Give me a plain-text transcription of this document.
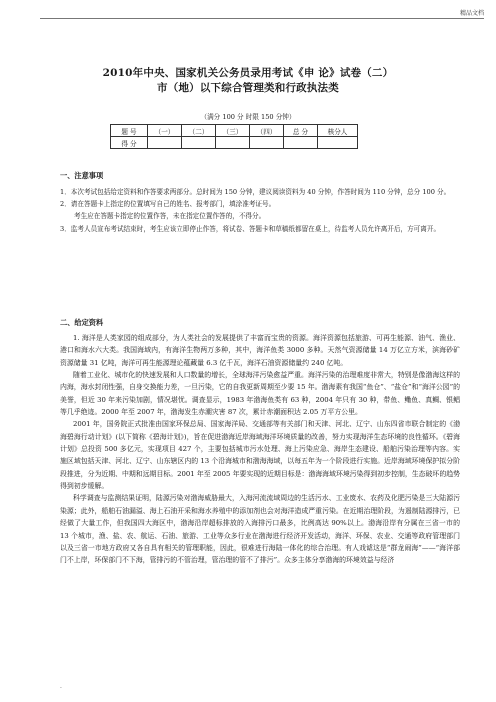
精品文档
2010年中央、国家机关公务员录用考试《申 论》试卷（二）
市（地）以下综合管理类和行政执法类
（满分 100 分 时限 150 分钟）
题 号	（一）	（二）	（三）	（四）	总 分	核分人
得 分						
一、注意事项
1．本次考试包括给定资料和作答要求两部分。总时间为 150 分钟，建议阅读资料为 40 分钟，作答时间为 110 分钟，总分 100 分。
2．请在答题卡上指定的位置填写自己的姓名、报考部门，填涂准考证号。
考生应在答题卡指定的位置作答，未在指定位置作答的，不得分。
3．监考人员宣布考试结束时，考生应该立即停止作答，将试卷、答题卡和草稿纸都留在桌上，待监考人员允许离开后，方可离开。
二、给定资料

1. 海洋是人类家园的组成部分，为人类社会的发展提供了丰富而宝贵的资源。海洋资源包括旅游、可再生能源、油气、渔业、港口和海水六大类。我国海域内，有海洋生物两万多种，其中，海洋鱼类 3000 多种。天然气资源储量 14 万亿立方米，滨海砂矿资源储量 31 亿吨，海洋可再生能源理论蕴藏量 6.3 亿千瓦，海洋石油资源储量约 240 亿吨。

随着工业化、城市化的快速发展和人口数量的增长，全球海洋污染愈益严重。海洋污染的治理难度非常大，特别是像渤海这样的内海，海水封闭性强，自身交换能力差，一旦污染，它的自我更新周期至少要 15 年。渤海素有我国“鱼仓”、“盐仓”和“海洋公园”的美誉，但近 30 年来污染加剧，情况堪忧。调查显示，1983 年渤海鱼类有 63 种，2004 年只有 30 种，带鱼、鳓鱼、真鲷、银鲳等几乎绝迹。2000 年至 2007 年，渤海发生赤潮灾害 87 次，累计赤潮面积达 2.05 万平方公里。

2001 年，国务院正式批准由国家环保总局、国家海洋局、交通部等有关部门和天津、河北、辽宁、山东四省市联合制定的《渤海碧海行动计划》(以下简称《碧海计划》)，旨在促进渤海近岸海域海洋环境质量的改善，努力实现海洋生态环境的良性循环。《碧海计划》总投资 500 多亿元，实现项目 427 个，主要包括城市污水处理、海上污染应急、海岸生态建设、船舶污染治理等内容。实施区域包括天津、河北、辽宁、山东辖区内的 13 个沿海城市和渤海海域，以每五年为一个阶段进行实施。近岸海域环境保护拟分阶段推进，分为近期、中期和远期目标。2001 年至 2005 年要实现的近期目标是：渤海海域环境污染得到初步控制，生态破坏的趋势得到初步缓解。

科学调查与监测结果证明，陆源污染对渤海威胁最大，入海河流流域周边的生活污水、工业废水、农药及化肥污染是三大陆源污染源；此外，船舶石油漏溢、海上石油开采和海水养殖中的添加剂也会对海洋造成严重污染。在近期治理阶段，为遏制陆源排污，已经做了大量工作，但我国四大海区中，渤海沿岸超标排放的入海排污口最多，比例高达 90%以上。渤海沿岸有分属在三省一市的 13 个城市，渔、盐、农、航运、石油、旅游、工业等众多行业在渤海进行经济开发活动，海洋、环保、农业、交通等政府管理部门以及三省一市地方政府又各自具有相关的管理职能，因此，很难进行海陆一体化的综合治理。有人戏谑这是“群龙闹海”——“海洋部门不上岸，环保部门不下海，管排污的不管治理，管治理的管不了排污”。众多主体分享渤海的环境效益与经济

.
